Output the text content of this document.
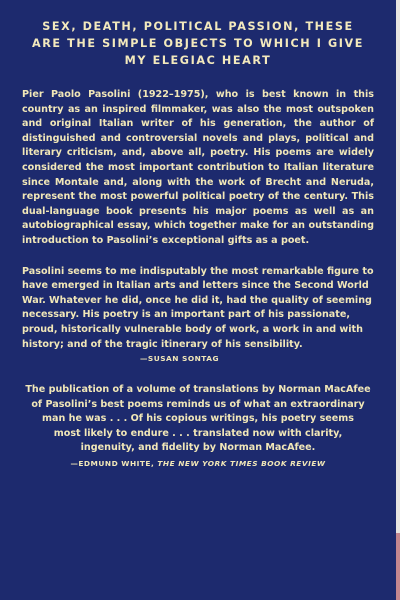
SEX, DEATH, POLITICAL PASSION, THESE
ARE THE SIMPLE OBJECTS TO WHICH I GIVE
MY ELEGIAC HEART

Pier Paolo Pasolini (1922–1975), who is best known in this country as an inspired filmmaker, was also the most outspoken and original Italian writer of his generation, the author of distinguished and controversial novels and plays, political and literary criticism, and, above all, poetry. His poems are widely considered the most important contribution to Italian literature since Montale and, along with the work of Brecht and Neruda, represent the most powerful political poetry of the century. This dual-language book presents his major poems as well as an autobiographical essay, which together make for an outstanding introduction to Pasolini’s exceptional gifts as a poet.

Pasolini seems to me indisputably the most remarkable figure to
have emerged in Italian arts and letters since the Second World
War. Whatever he did, once he did it, had the quality of seeming
necessary. His poetry is an important part of his passionate,
proud, historically vulnerable body of work, a work in and with
history; and of the tragic itinerary of his sensibility.

—SUSAN SONTAG

The publication of a volume of translations by Norman MacAfee
of Pasolini’s best poems reminds us of what an extraordinary
man he was . . . Of his copious writings, his poetry seems
most likely to endure . . . translated now with clarity,
ingenuity, and fidelity by Norman MacAfee.

—EDMUND WHITE, THE NEW YORK TIMES BOOK REVIEW
